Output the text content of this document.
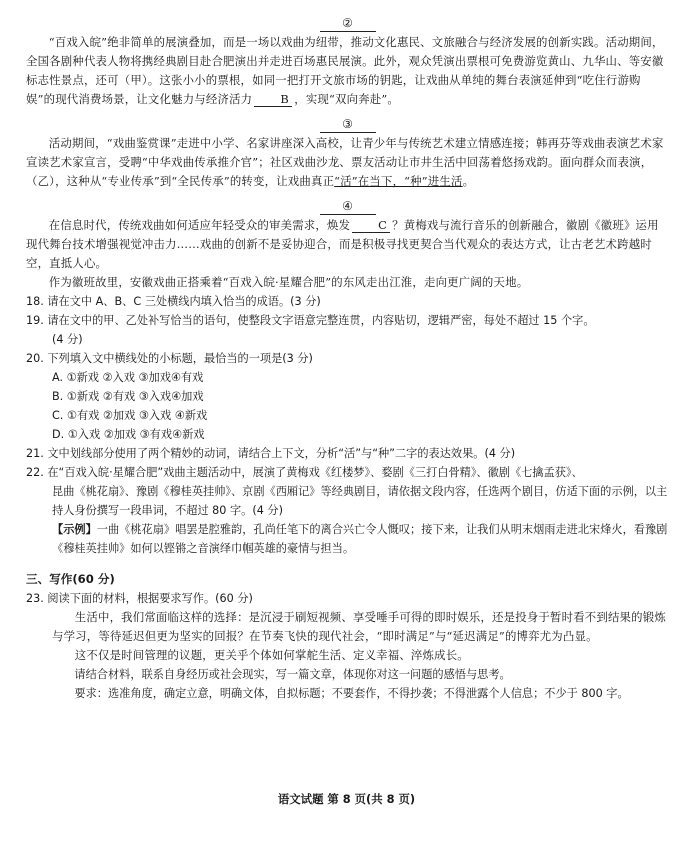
②

“百戏入皖”绝非简单的展演叠加，而是一场以戏曲为纽带，推动文化惠民、文旅融合与经济发展的创新实践。活动期间，全国各剧种代表人物将携经典剧目赴合肥演出并走进百场惠民展演。此外，观众凭演出票根可免费游览黄山、九华山、等安徽标志性景点，还可（甲）。这张小小的票根，如同一把打开文旅市场的钥匙，让戏曲从单纯的舞台表演延伸到“吃住行游购娱”的现代消费场景，让文化魅力与经济活力 B ，实现“双向奔赴”。

③

活动期间，“戏曲鉴赏课”走进中小学、名家讲座深入高校，让青少年与传统艺术建立情感连接；韩再芬等戏曲表演艺术家宣读艺术家宣言，受聘“中华戏曲传承推介官”；社区戏曲沙龙、票友活动让市井生活中回荡着悠扬戏韵。面向群众而表演，（乙），这种从“专业传承”到“全民传承”的转变，让戏曲真正“活”在当下，“种”进生活。

④

在信息时代，传统戏曲如何适应年轻受众的审美需求，焕发 C ？黄梅戏与流行音乐的创新融合，徽剧《徽班》运用现代舞台技术增强视觉冲击力……戏曲的创新不是妥协迎合，而是积极寻找更契合当代观众的表达方式，让古老艺术跨越时空，直抵人心。

作为徽班故里，安徽戏曲正搭乘着“百戏入皖·星耀合肥”的东风走出江淮，走向更广阔的天地。

18. 请在文中 A、B、C 三处横线内填入恰当的成语。(3 分)

19. 请在文中的甲、乙处补写恰当的语句，使整段文字语意完整连贯，内容贴切，逻辑严密，每处不超过 15 个字。

(4 分)

20. 下列填入文中横线处的小标题，最恰当的一项是(3 分)

A. ①新戏 ②入戏 ③加戏④有戏

B. ①新戏 ②有戏 ③入戏④加戏

C. ①有戏 ②加戏 ③入戏 ④新戏

D. ①入戏 ②加戏 ③有戏④新戏

21. 文中划线部分使用了两个精妙的动词，请结合上下文，分析“活”与“种”二字的表达效果。(4 分)

22. 在“百戏入皖·星耀合肥”戏曲主题活动中，展演了黄梅戏《红楼梦》、婺剧《三打白骨精》、徽剧《七擒孟获》、

昆曲《桃花扇》、豫剧《穆桂英挂帅》、京剧《西厢记》等经典剧目，请依据文段内容，任选两个剧目，仿适下面的示例，以主持人身份撰写一段串词，不超过 80 字。(4 分)

【示例】一曲《桃花扇》唱罢是腔雅韵，孔尚任笔下的离合兴亡令人慨叹；接下来，让我们从明末烟雨走进北宋烽火，看豫剧《穆桂英挂帅》如何以铿锵之音演绎巾帼英雄的豪情与担当。

三、写作(60 分)

23. 阅读下面的材料，根据要求写作。(60 分)

生活中，我们常面临这样的选择：是沉浸于刷短视频、享受唾手可得的即时娱乐，还是投身于暂时看不到结果的锻炼与学习，等待延迟但更为坚实的回报？在节奏飞快的现代社会，“即时满足”与“延迟满足”的博弈尤为凸显。

这不仅是时间管理的议题，更关乎个体如何掌舵生活、定义幸福、淬炼成长。

请结合材料，联系自身经历或社会现实，写一篇文章，体现你对这一问题的感悟与思考。

要求：选准角度，确定立意，明确文体，自拟标题；不要套作，不得抄袭；不得泄露个人信息；不少于 800 字。

语文试题 第 8 页(共 8 页)
